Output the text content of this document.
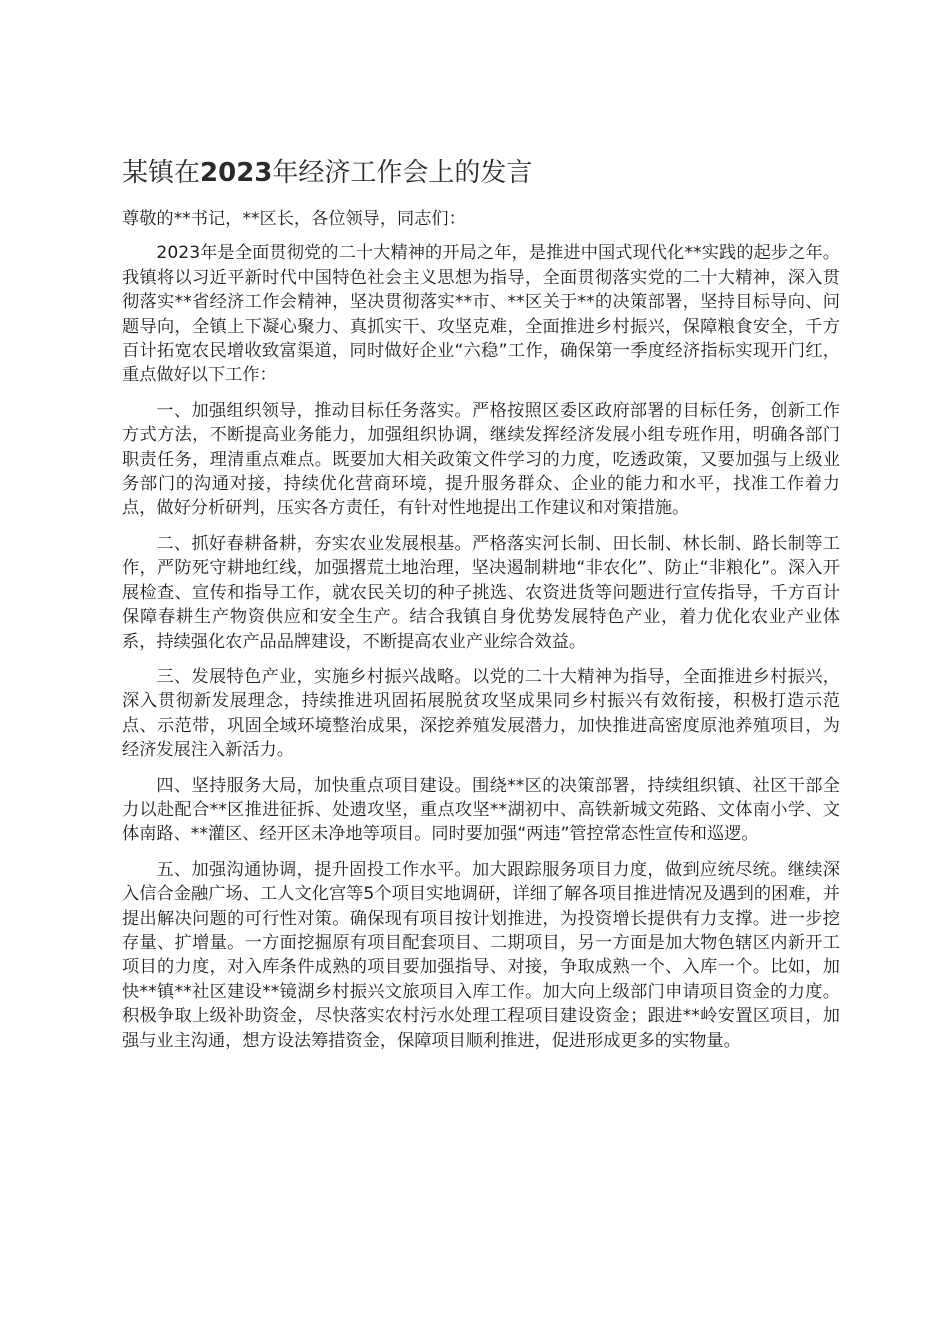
某镇在2023年经济工作会上的发言

尊敬的**书记，**区长，各位领导，同志们：

2023年是全面贯彻党的二十大精神的开局之年，是推进中国式现代化**实践的起步之年。我镇将以习近平新时代中国特色社会主义思想为指导，全面贯彻落实党的二十大精神，深入贯彻落实**省经济工作会精神，坚决贯彻落实**市、**区关于**的决策部署，坚持目标导向、问题导向，全镇上下凝心聚力、真抓实干、攻坚克难，全面推进乡村振兴，保障粮食安全，千方百计拓宽农民增收致富渠道，同时做好企业“六稳”工作，确保第一季度经济指标实现开门红，重点做好以下工作：

一、加强组织领导，推动目标任务落实。严格按照区委区政府部署的目标任务，创新工作方式方法，不断提高业务能力，加强组织协调，继续发挥经济发展小组专班作用，明确各部门职责任务，理清重点难点。既要加大相关政策文件学习的力度，吃透政策，又要加强与上级业务部门的沟通对接，持续优化营商环境，提升服务群众、企业的能力和水平，找准工作着力点，做好分析研判，压实各方责任，有针对性地提出工作建议和对策措施。

二、抓好春耕备耕，夯实农业发展根基。严格落实河长制、田长制、林长制、路长制等工作，严防死守耕地红线，加强撂荒土地治理，坚决遏制耕地“非农化”、防止“非粮化”。深入开展检查、宣传和指导工作，就农民关切的种子挑选、农资进货等问题进行宣传指导，千方百计保障春耕生产物资供应和安全生产。结合我镇自身优势发展特色产业，着力优化农业产业体系，持续强化农产品品牌建设，不断提高农业产业综合效益。

三、发展特色产业，实施乡村振兴战略。以党的二十大精神为指导，全面推进乡村振兴，深入贯彻新发展理念，持续推进巩固拓展脱贫攻坚成果同乡村振兴有效衔接，积极打造示范点、示范带，巩固全域环境整治成果，深挖养殖发展潜力，加快推进高密度原池养殖项目，为经济发展注入新活力。

四、坚持服务大局，加快重点项目建设。围绕**区的决策部署，持续组织镇、社区干部全力以赴配合**区推进征拆、处遗攻坚，重点攻坚**湖初中、高铁新城文苑路、文体南小学、文体南路、**灌区、经开区未净地等项目。同时要加强“两违”管控常态性宣传和巡逻。

五、加强沟通协调，提升固投工作水平。加大跟踪服务项目力度，做到应统尽统。继续深入信合金融广场、工人文化宫等5个项目实地调研，详细了解各项目推进情况及遇到的困难，并提出解决问题的可行性对策。确保现有项目按计划推进，为投资增长提供有力支撑。进一步挖存量、扩增量。一方面挖掘原有项目配套项目、二期项目，另一方面是加大物色辖区内新开工项目的力度，对入库条件成熟的项目要加强指导、对接，争取成熟一个、入库一个。比如，加快**镇**社区建设**镜湖乡村振兴文旅项目入库工作。加大向上级部门申请项目资金的力度。积极争取上级补助资金，尽快落实农村污水处理工程项目建设资金；跟进**岭安置区项目，加强与业主沟通，想方设法筹措资金，保障项目顺利推进，促进形成更多的实物量。
